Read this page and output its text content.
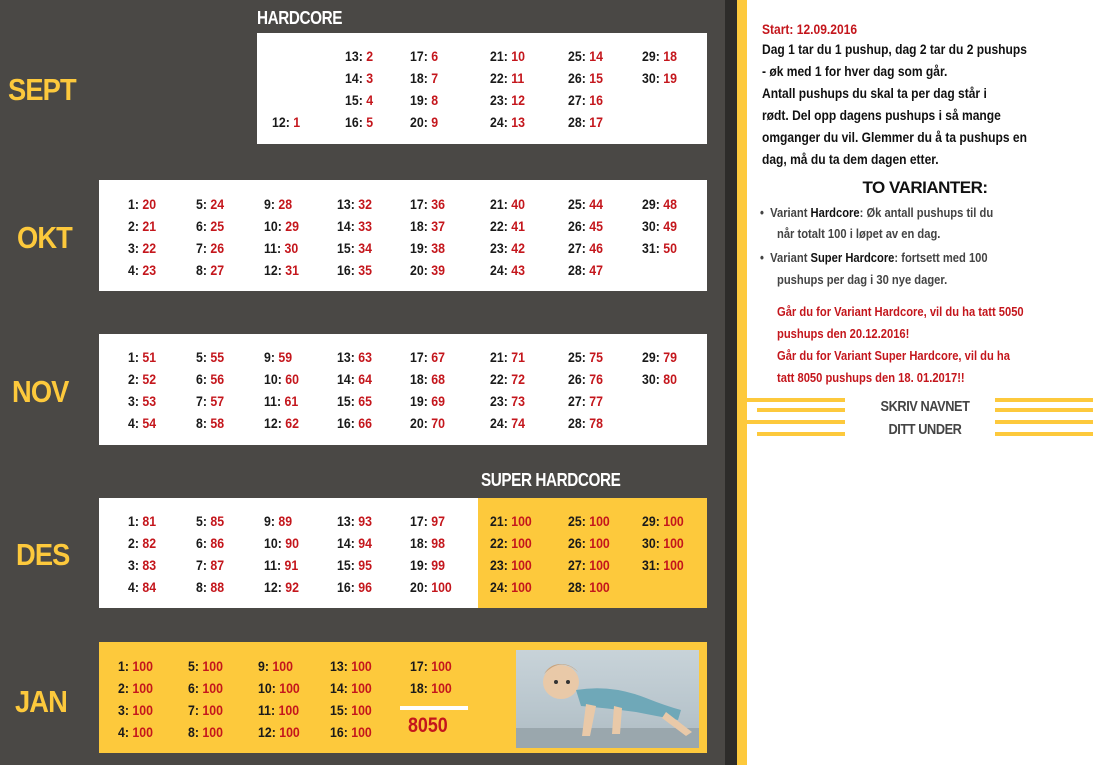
SEPT
OKT
NOV
DES
JAN
HARDCORE
SUPER HARDCORE
12: 1
13: 2
14: 3
15: 4
16: 5
17: 6
18: 7
19: 8
20: 9
21: 10
22: 11
23: 12
24: 13
25: 14
26: 15
27: 16
28: 17
29: 18
30: 19
1: 20
2: 21
3: 22
4: 23
5: 24
6: 25
7: 26
8: 27
9: 28
10: 29
11: 30
12: 31
13: 32
14: 33
15: 34
16: 35
17: 36
18: 37
19: 38
20: 39
21: 40
22: 41
23: 42
24: 43
25: 44
26: 45
27: 46
28: 47
29: 48
30: 49
31: 50
1: 51
2: 52
3: 53
4: 54
5: 55
6: 56
7: 57
8: 58
9: 59
10: 60
11: 61
12: 62
13: 63
14: 64
15: 65
16: 66
17: 67
18: 68
19: 69
20: 70
21: 71
22: 72
23: 73
24: 74
25: 75
26: 76
27: 77
28: 78
29: 79
30: 80
1: 81
2: 82
3: 83
4: 84
5: 85
6: 86
7: 87
8: 88
9: 89
10: 90
11: 91
12: 92
13: 93
14: 94
15: 95
16: 96
17: 97
18: 98
19: 99
20: 100
21: 100
22: 100
23: 100
24: 100
25: 100
26: 100
27: 100
28: 100
29: 100
30: 100
31: 100
1: 100
2: 100
3: 100
4: 100
5: 100
6: 100
7: 100
8: 100
9: 100
10: 100
11: 100
12: 100
13: 100
14: 100
15: 100
16: 100
17: 100
18: 100
8050
Start: 12.09.2016
Dag 1 tar du 1 pushup, dag 2 tar du 2 pushups
- øk med 1 for hver dag som går.
Antall pushups du skal ta per dag står i
rødt. Del opp dagens pushups i så mange
omganger du vil. Glemmer du å ta pushups en
dag, må du ta dem dagen etter.
TO VARIANTER:
•  Variant Hardcore: Øk antall pushups til du
når totalt 100 i løpet av en dag.
•  Variant Super Hardcore: fortsett med 100
pushups per dag i 30 nye dager.
Går du for Variant Hardcore, vil du ha tatt 5050
pushups den 20.12.2016!
Går du for Variant Super Hardcore, vil du ha
tatt 8050 pushups den 18. 01.2017!!
SKRIV NAVNET
DITT UNDER
